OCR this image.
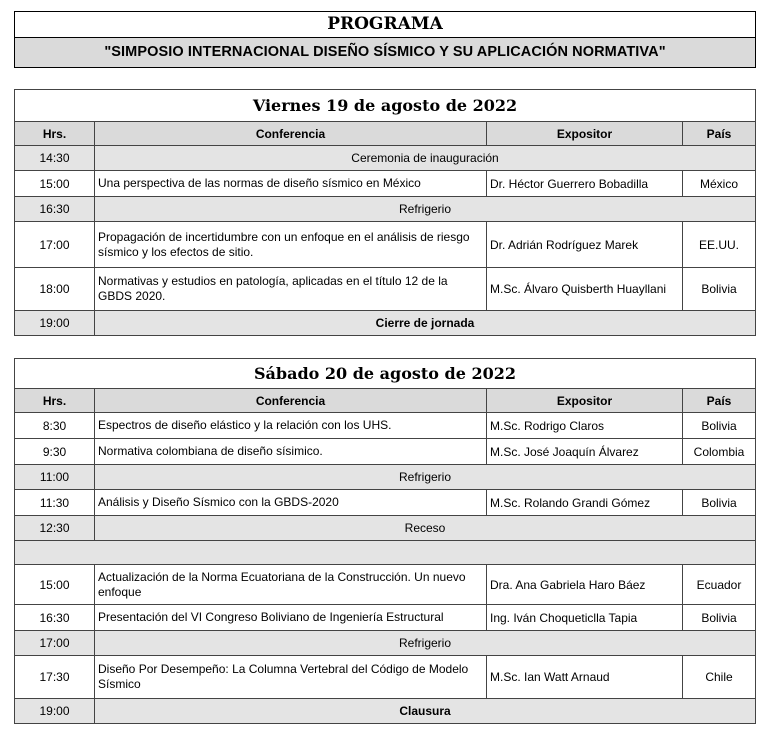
PROGRAMA
"SIMPOSIO INTERNACIONAL DISEÑO SÍSMICO Y SU APLICACIÓN NORMATIVA"
Viernes 19 de agosto de 2022			
Hrs.	Conferencia	Expositor	País
14:30	Ceremonia de inauguración		
15:00	Una perspectiva de las normas de diseño sísmico en México	Dr. Héctor Guerrero Bobadilla	México
16:30	Refrigerio		
17:00	Propagación de incertidumbre con un enfoque en el análisis de riesgo sísmico y los efectos de sitio.	Dr. Adrián Rodríguez Marek	EE.UU.
18:00	Normativas y estudios en patología, aplicadas en el título 12 de la GBDS 2020.	M.Sc. Álvaro Quisberth Huayllani	Bolivia
19:00	Cierre de jornada		
Sábado 20 de agosto de 2022			
Hrs.	Conferencia	Expositor	País
8:30	Espectros de diseño elástico y la relación con los UHS.	M.Sc. Rodrigo Claros	Bolivia
9:30	Normativa colombiana de diseño sísimico.	M.Sc. José Joaquín Álvarez	Colombia
11:00	Refrigerio		
11:30	Análisis y Diseño Sísmico con la GBDS-2020	M.Sc. Rolando Grandi Gómez	Bolivia
12:30	Receso		

15:00	Actualización de la Norma Ecuatoriana de la Construcción. Un nuevo enfoque	Dra. Ana Gabriela Haro Báez	Ecuador
16:30	Presentación del VI Congreso Boliviano de Ingeniería Estructural	Ing. Iván Choqueticlla Tapia	Bolivia
17:00	Refrigerio		
17:30	Diseño Por Desempeño: La Columna Vertebral del Código de Modelo Sísmico	M.Sc. Ian Watt Arnaud	Chile
19:00	Clausura		
